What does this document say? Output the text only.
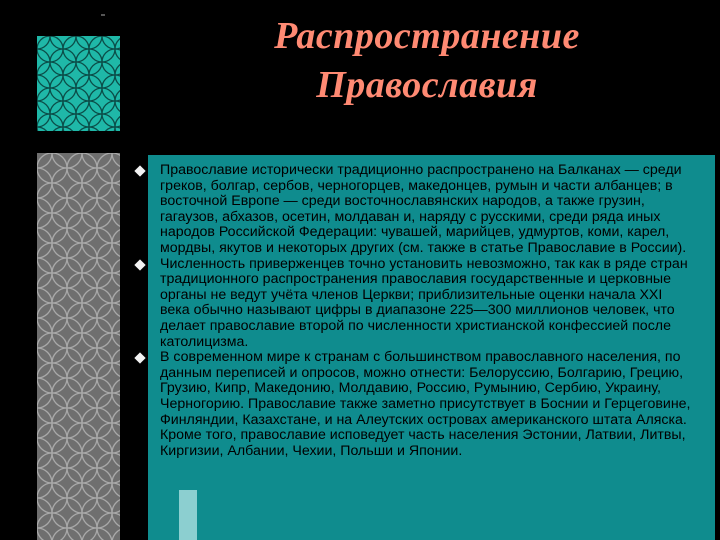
Распространение
Православия
Православие исторически традиционно распространено на Балканах — среди греков, болгар, сербов, черногорцев, македонцев, румын и части албанцев; в восточной Европе — среди восточнославянских народов, а также грузин, гагаузов, абхазов, осетин, молдаван и, наряду с русскими, среди ряда иных народов Российской Федерации: чувашей, марийцев, удмуртов, коми, карел, мордвы, якутов и некоторых других (см. также в статье Православие в России).
Численность приверженцев точно установить невозможно, так как в ряде стран традиционного распространения православия государственные и церковные органы не ведут учёта членов Церкви; приблизительные оценки начала XXI века обычно называют цифры в диапазоне 225—300 миллионов человек, что делает православие второй по численности христианской конфессией после католицизма.
В современном мире к странам с большинством православного населения, по данным переписей и опросов, можно отнести: Белоруссию, Болгарию, Грецию, Грузию, Кипр, Македонию, Молдавию, Россию, Румынию, Сербию, Украину, Черногорию. Православие также заметно присутствует в Боснии и Герцеговине, Финляндии, Казахстане, и на Алеутских островах американского штата Аляска. Кроме того, православие исповедует часть населения Эстонии, Латвии, Литвы, Киргизии, Албании, Чехии, Польши и Японии.
